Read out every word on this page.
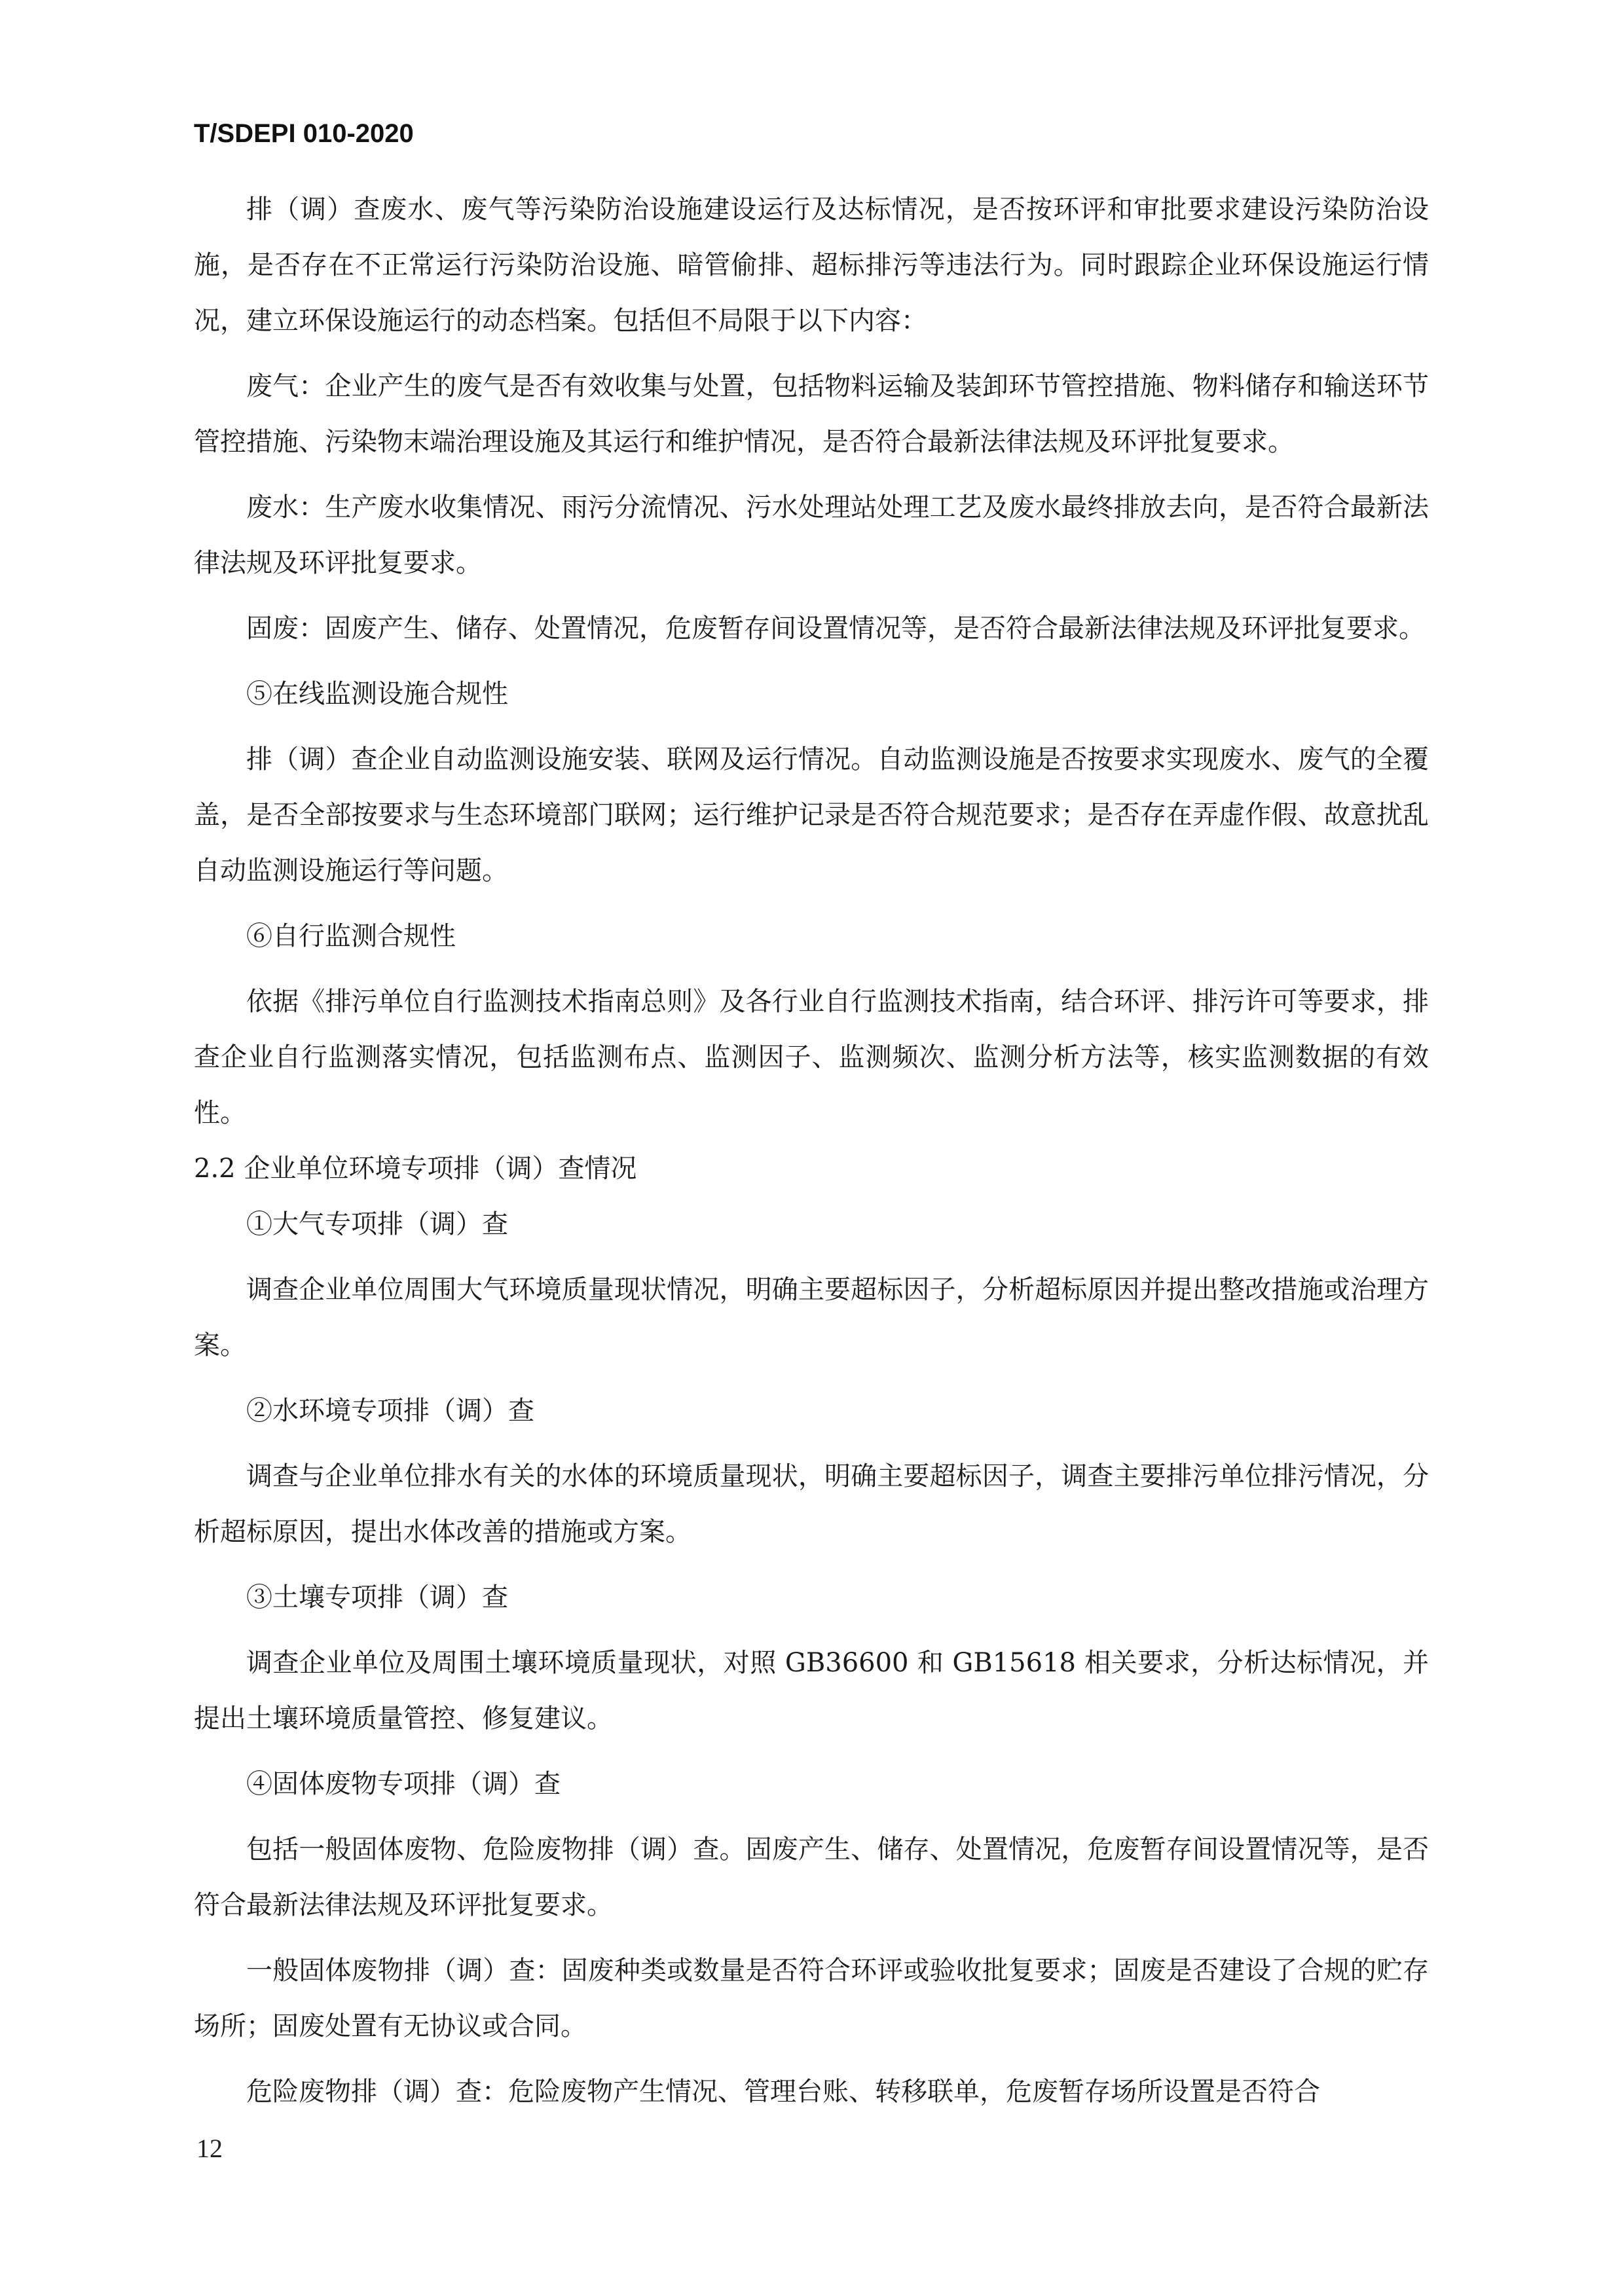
T/SDEPI 010-2020

排（调）查废水、废气等污染防治设施建设运行及达标情况，是否按环评和审批要求建设污染防治设施，是否存在不正常运行污染防治设施、暗管偷排、超标排污等违法行为。同时跟踪企业环保设施运行情况，建立环保设施运行的动态档案。包括但不局限于以下内容：

废气：企业产生的废气是否有效收集与处置，包括物料运输及装卸环节管控措施、物料储存和输送环节管控措施、污染物末端治理设施及其运行和维护情况，是否符合最新法律法规及环评批复要求。

废水：生产废水收集情况、雨污分流情况、污水处理站处理工艺及废水最终排放去向，是否符合最新法律法规及环评批复要求。

固废：固废产生、储存、处置情况，危废暂存间设置情况等，是否符合最新法律法规及环评批复要求。

⑤在线监测设施合规性

排（调）查企业自动监测设施安装、联网及运行情况。自动监测设施是否按要求实现废水、废气的全覆盖，是否全部按要求与生态环境部门联网；运行维护记录是否符合规范要求；是否存在弄虚作假、故意扰乱自动监测设施运行等问题。

⑥自行监测合规性

依据《排污单位自行监测技术指南总则》及各行业自行监测技术指南，结合环评、排污许可等要求，排查企业自行监测落实情况，包括监测布点、监测因子、监测频次、监测分析方法等，核实监测数据的有效性。

2.2 企业单位环境专项排（调）查情况

①大气专项排（调）查

调查企业单位周围大气环境质量现状情况，明确主要超标因子，分析超标原因并提出整改措施或治理方案。

②水环境专项排（调）查

调查与企业单位排水有关的水体的环境质量现状，明确主要超标因子，调查主要排污单位排污情况，分析超标原因，提出水体改善的措施或方案。

③土壤专项排（调）查

调查企业单位及周围土壤环境质量现状，对照 GB36600 和 GB15618 相关要求，分析达标情况，并提出土壤环境质量管控、修复建议。

④固体废物专项排（调）查

包括一般固体废物、危险废物排（调）查。固废产生、储存、处置情况，危废暂存间设置情况等，是否符合最新法律法规及环评批复要求。

一般固体废物排（调）查：固废种类或数量是否符合环评或验收批复要求；固废是否建设了合规的贮存场所；固废处置有无协议或合同。

危险废物排（调）查：危险废物产生情况、管理台账、转移联单，危废暂存场所设置是否符合

12
